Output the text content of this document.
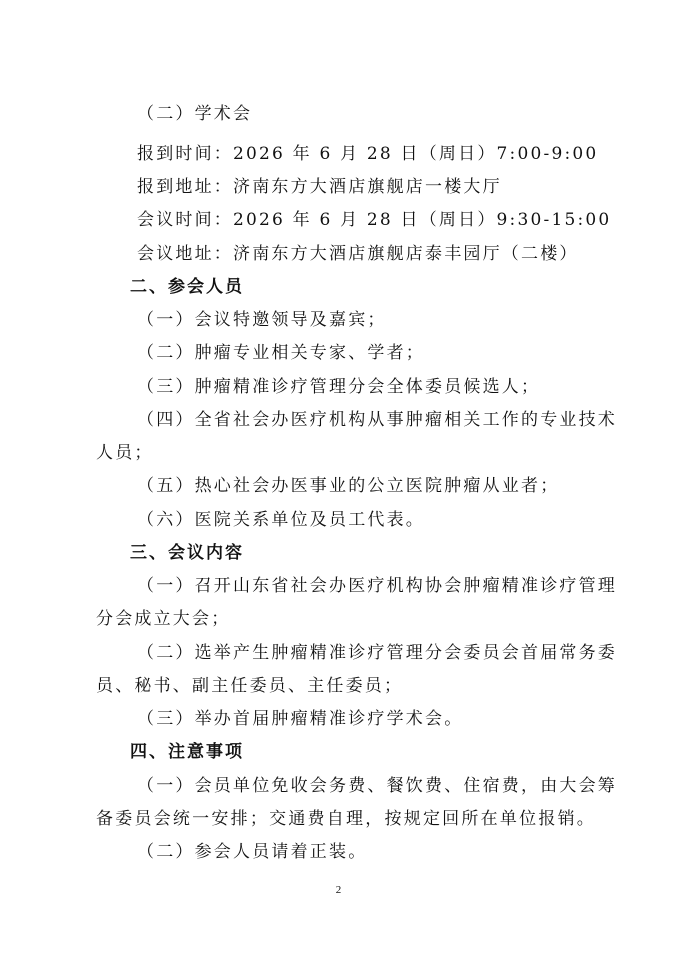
（二）学术会
报到时间：2026 年 6 月 28 日（周日）7:00-9:00
报到地址：济南东方大酒店旗舰店一楼大厅
会议时间：2026 年 6 月 28 日（周日）9:30-15:00
会议地址：济南东方大酒店旗舰店泰丰园厅（二楼）
二、参会人员
（一）会议特邀领导及嘉宾；
（二）肿瘤专业相关专家、学者；
（三）肿瘤精准诊疗管理分会全体委员候选人；
（四）全省社会办医疗机构从事肿瘤相关工作的专业技术
人员；
（五）热心社会办医事业的公立医院肿瘤从业者；
（六）医院关系单位及员工代表。
三、会议内容
（一）召开山东省社会办医疗机构协会肿瘤精准诊疗管理
分会成立大会；
（二）选举产生肿瘤精准诊疗管理分会委员会首届常务委
员、秘书、副主任委员、主任委员；
（三）举办首届肿瘤精准诊疗学术会。
四、注意事项
（一）会员单位免收会务费、餐饮费、住宿费，由大会筹
备委员会统一安排；交通费自理，按规定回所在单位报销。
（二）参会人员请着正装。
2
